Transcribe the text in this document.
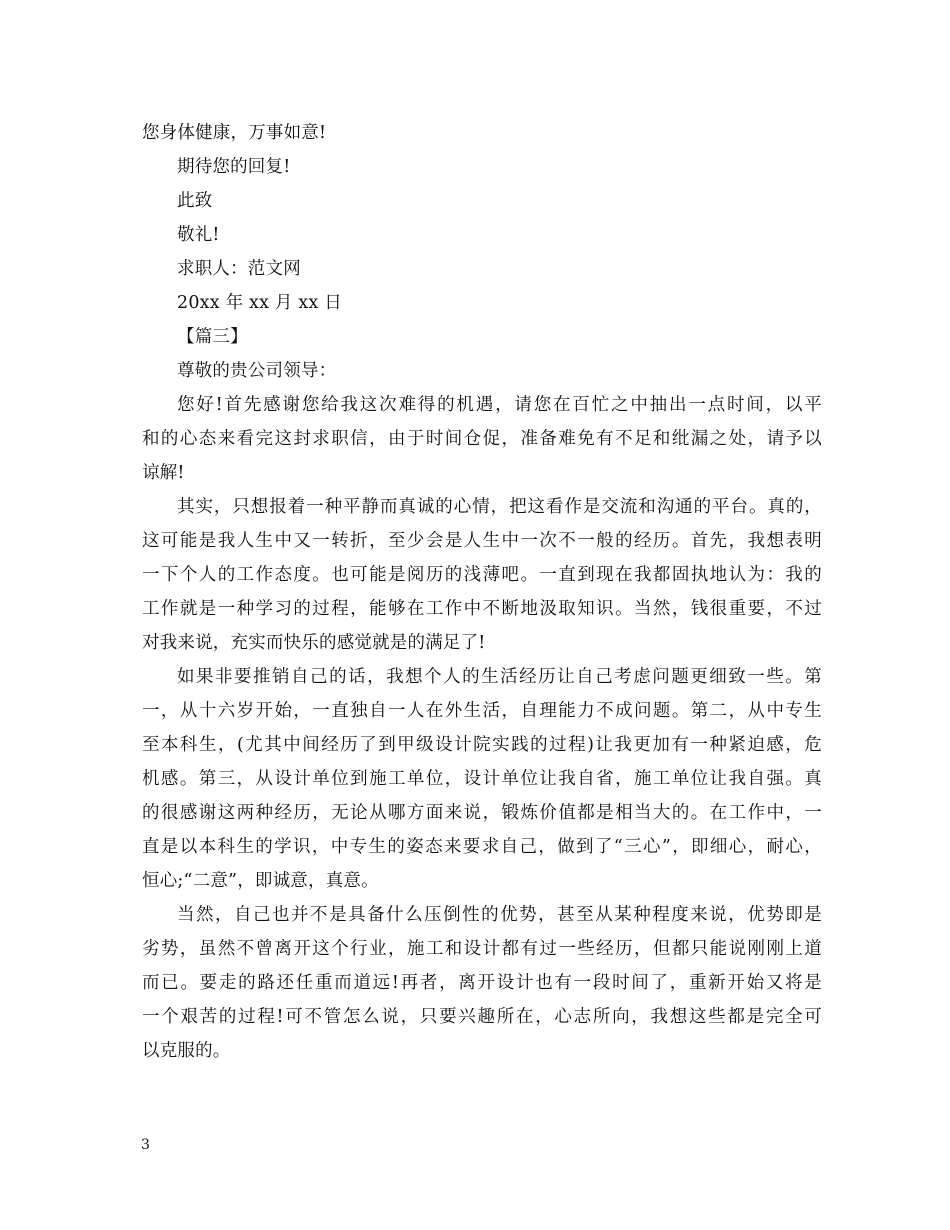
您身体健康，万事如意!
期待您的回复!
此致
敬礼!
求职人：范文网
20xx 年 xx 月 xx 日
【篇三】
尊敬的贵公司领导：
您好!首先感谢您给我这次难得的机遇，请您在百忙之中抽出一点时间，以平
和的心态来看完这封求职信，由于时间仓促，准备难免有不足和纰漏之处，请予以
谅解!
其实，只想报着一种平静而真诚的心情，把这看作是交流和沟通的平台。真的，
这可能是我人生中又一转折，至少会是人生中一次不一般的经历。首先，我想表明
一下个人的工作态度。也可能是阅历的浅薄吧。一直到现在我都固执地认为：我的
工作就是一种学习的过程，能够在工作中不断地汲取知识。当然，钱很重要，不过
对我来说，充实而快乐的感觉就是的满足了!
如果非要推销自己的话，我想个人的生活经历让自己考虑问题更细致一些。第
一，从十六岁开始，一直独自一人在外生活，自理能力不成问题。第二，从中专生
至本科生，(尤其中间经历了到甲级设计院实践的过程)让我更加有一种紧迫感，危
机感。第三，从设计单位到施工单位，设计单位让我自省，施工单位让我自强。真
的很感谢这两种经历，无论从哪方面来说，锻炼价值都是相当大的。在工作中，一
直是以本科生的学识，中专生的姿态来要求自己，做到了“三心”，即细心，耐心，
恒心;“二意”，即诚意，真意。
当然，自己也并不是具备什么压倒性的优势，甚至从某种程度来说，优势即是
劣势，虽然不曾离开这个行业，施工和设计都有过一些经历，但都只能说刚刚上道
而已。要走的路还任重而道远!再者，离开设计也有一段时间了，重新开始又将是
一个艰苦的过程!可不管怎么说，只要兴趣所在，心志所向，我想这些都是完全可
以克服的。
3
